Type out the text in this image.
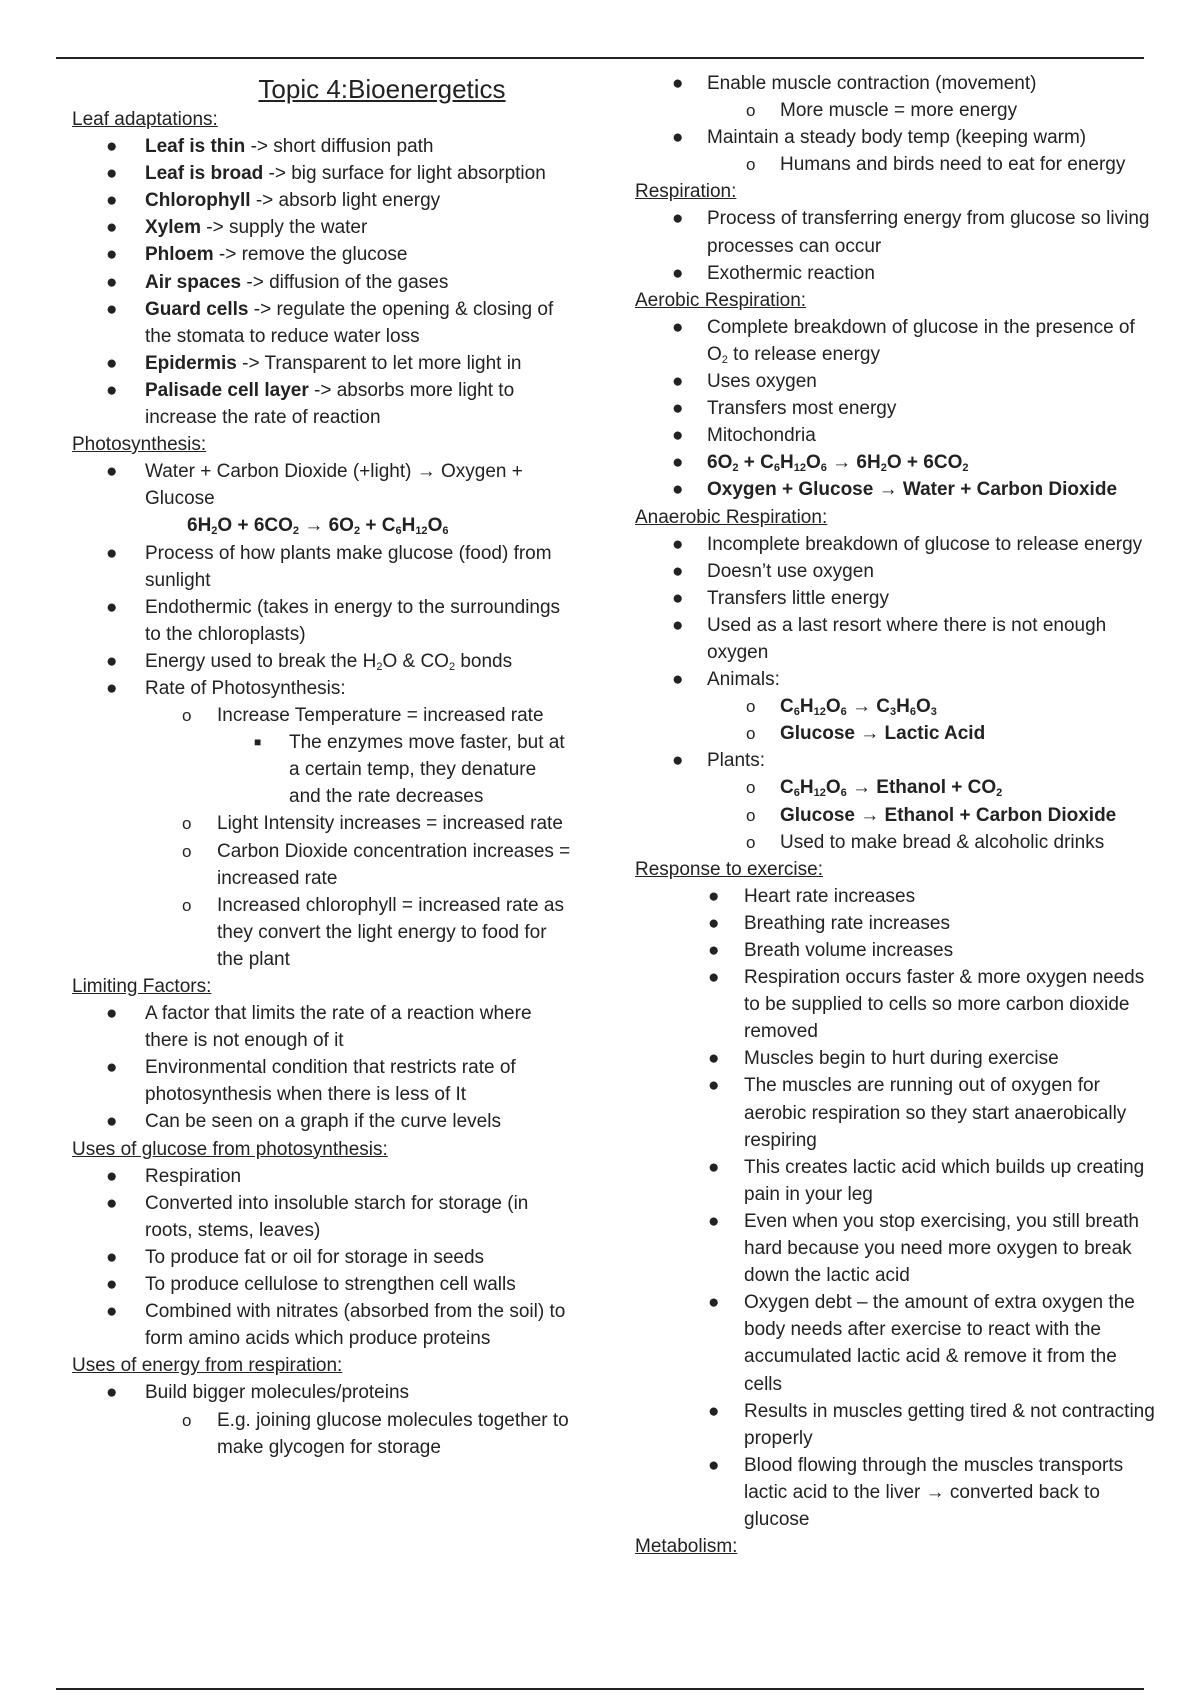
Topic 4:Bioenergetics
Leaf adaptations:
● Leaf is thin -> short diffusion path
● Leaf is broad -> big surface for light absorption
● Chlorophyll -> absorb light energy
● Xylem -> supply the water
● Phloem -> remove the glucose
● Air spaces -> diffusion of the gases
● Guard cells -> regulate the opening & closing of the stomata to reduce water loss
● Epidermis -> Transparent to let more light in
● Palisade cell layer -> absorbs more light to increase the rate of reaction
Photosynthesis:
● Water + Carbon Dioxide (+light) → Oxygen + Glucose
$6H_2O + 6CO_2 \to 6O_2 + C_6H_{12}O_6$
● Process of how plants make glucose (food) from sunlight
● Endothermic (takes in energy to the surroundings to the chloroplasts)
● Energy used to break the $H_2O$ & $CO_2$ bonds
● Rate of Photosynthesis:
o Increase Temperature = increased rate
■ The enzymes move faster, but at a certain temp, they denature and the rate decreases
o Light Intensity increases = increased rate
o Carbon Dioxide concentration increases = increased rate
o Increased chlorophyll = increased rate as they convert the light energy to food for the plant
Limiting Factors:
● A factor that limits the rate of a reaction where there is not enough of it
● Environmental condition that restricts rate of photosynthesis when there is less of It
● Can be seen on a graph if the curve levels
Uses of glucose from photosynthesis:
● Respiration
● Converted into insoluble starch for storage (in roots, stems, leaves)
● To produce fat or oil for storage in seeds
● To produce cellulose to strengthen cell walls
● Combined with nitrates (absorbed from the soil) to form amino acids which produce proteins
Uses of energy from respiration:
● Build bigger molecules/proteins
o E.g. joining glucose molecules together to make glycogen for storage
● Enable muscle contraction (movement)
o More muscle = more energy
● Maintain a steady body temp (keeping warm)
o Humans and birds need to eat for energy
Respiration:
● Process of transferring energy from glucose so living processes can occur
● Exothermic reaction
Aerobic Respiration:
● Complete breakdown of glucose in the presence of $O_2$ to release energy
● Uses oxygen
● Transfers most energy
● Mitochondria
● $6O_2 + C_6H_{12}O_6 \to 6H_2O + 6CO_2$
● Oxygen + Glucose → Water + Carbon Dioxide
Anaerobic Respiration:
● Incomplete breakdown of glucose to release energy
● Doesn’t use oxygen
● Transfers little energy
● Used as a last resort where there is not enough oxygen
● Animals:
o $C_6H_{12}O_6 \to C_3H_6O_3$
o Glucose → Lactic Acid
● Plants:
o $C_6H_{12}O_6$ → Ethanol + $CO_2$
o Glucose → Ethanol + Carbon Dioxide
o Used to make bread & alcoholic drinks
Response to exercise:
● Heart rate increases
● Breathing rate increases
● Breath volume increases
● Respiration occurs faster & more oxygen needs to be supplied to cells so more carbon dioxide removed
● Muscles begin to hurt during exercise
● The muscles are running out of oxygen for aerobic respiration so they start anaerobically respiring
● This creates lactic acid which builds up creating pain in your leg
● Even when you stop exercising, you still breath hard because you need more oxygen to break down the lactic acid
● Oxygen debt – the amount of extra oxygen the body needs after exercise to react with the accumulated lactic acid & remove it from the cells
● Results in muscles getting tired & not contracting properly
● Blood flowing through the muscles transports lactic acid to the liver → converted back to glucose
Metabolism:
